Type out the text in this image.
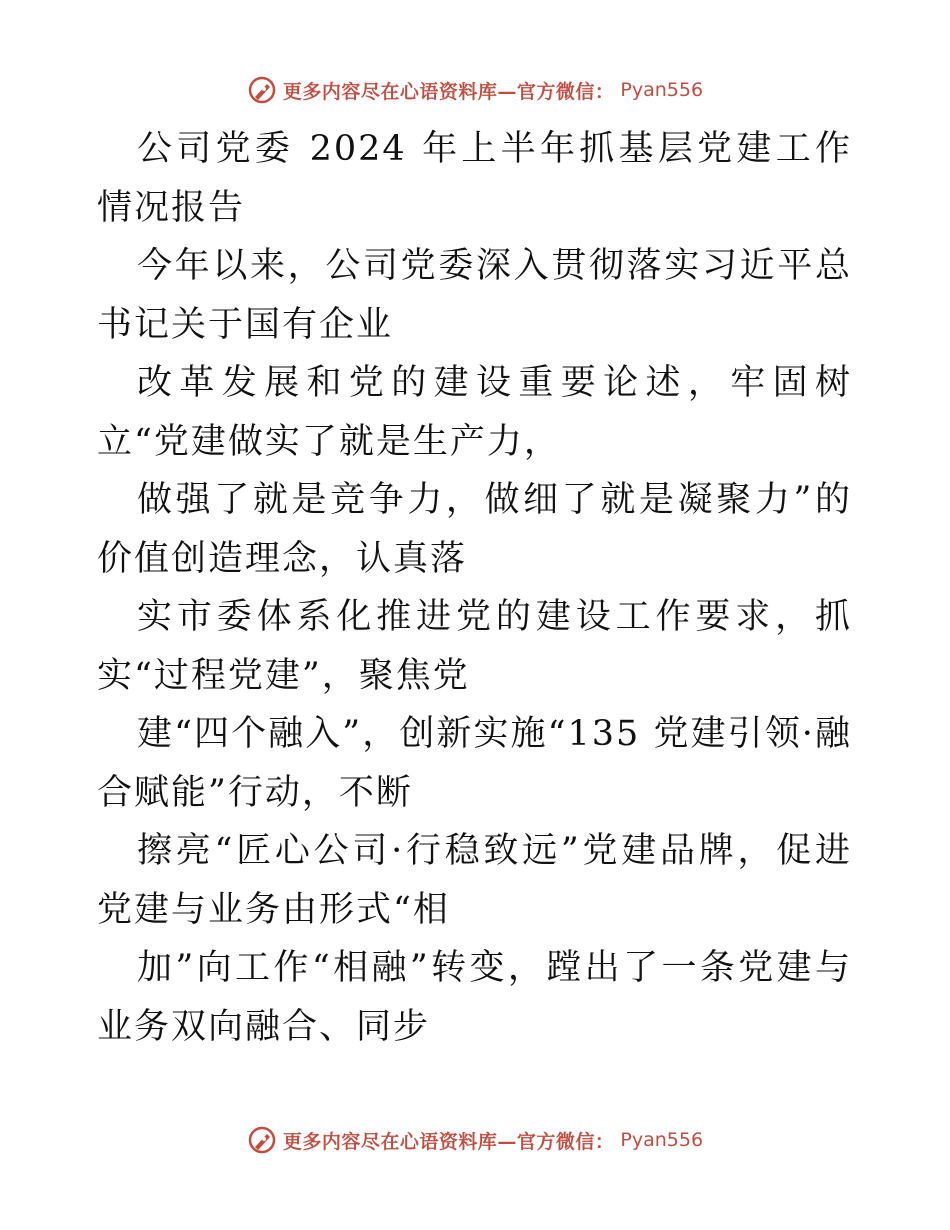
更多内容尽在心语资料库—官方微信： Pyan556

公司党委 2024 年上半年抓基层党建工作情况报告

今年以来，公司党委深入贯彻落实习近平总书记关于国有企业

改革发展和党的建设重要论述，牢固树立“党建做实了就是生产力，

做强了就是竞争力，做细了就是凝聚力”的价值创造理念，认真落

实市委体系化推进党的建设工作要求，抓实“过程党建”，聚焦党

建“四个融入”，创新实施“135 党建引领·融合赋能”行动，不断

擦亮“匠心公司·行稳致远”党建品牌，促进党建与业务由形式“相

加”向工作“相融”转变，蹚出了一条党建与业务双向融合、同步

更多内容尽在心语资料库—官方微信： Pyan556
